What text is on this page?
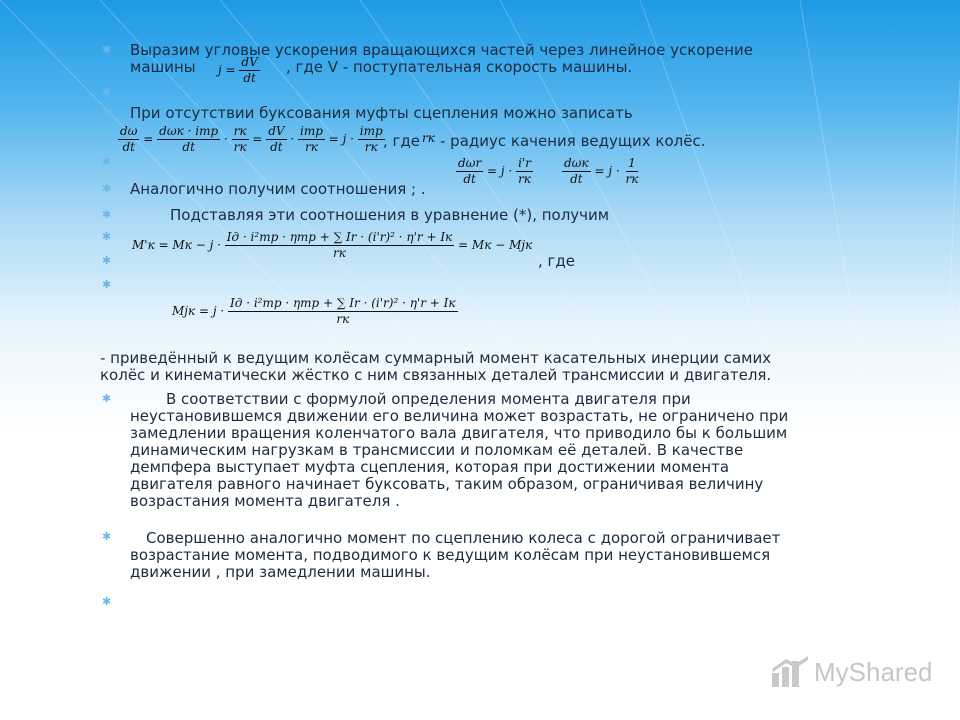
✱
✱
✱
✱
✱
✱
✱
✱
✱
✱
✱
✱
Выразим угловые ускорения вращающихся частей через линейное ускорение
машины $j = \frac{dV}{dt}$ , где V - поступательная скорость машины.
При отсутствии буксования муфты сцепления можно записать
$\frac{d\omega}{dt} = \frac{\text{dωк · iтр}}{dt} \cdot \frac{rк}{rк} = \frac{dV}{dt} \cdot \frac{\text{iтр}}{rк} = j \cdot \frac{\text{iтр}}{rк}$
, где rк - радиус качения ведущих колёс.
Аналогично получим соотношения ; .
$\frac{\text{dωr}}{dt} = j \cdot \frac{i'r}{rк} \frac{\text{dωк}}{dt} = j \cdot \frac{1}{rк}$
Подставляя эти соотношения в уравнение (*), получим
M'к = Mк − $j \cdot \frac{\text{Iд · i²тр · ηтр + ∑ Ir · (i'r)² · η'r + Iк}}{rк}$ = Mк − Mjк
, где
Mjк = $j \cdot \frac{\text{Iд · i²тр · ηтр + ∑ Ir · (i'r)² · η'r + Iк}}{rк}$
- приведённый к ведущим колёсам суммарный момент касательных инерции самих
колёс и кинематически жёстко с ним связанных деталей трансмиссии и двигателя.
В соответствии с формулой определения момента двигателя при
неустановившемся движении его величина может возрастать, не ограничено при
замедлении вращения коленчатого вала двигателя, что приводило бы к большим
динамическим нагрузкам в трансмиссии и поломкам её деталей. В качестве
демпфера выступает муфта сцепления, которая при достижении момента
двигателя равного начинает буксовать, таким образом, ограничивая величину
возрастания момента двигателя .
Совершенно аналогично момент по сцеплению колеса с дорогой ограничивает
возрастание момента, подводимого к ведущим колёсам при неустановившемся
движении , при замедлении машины.
MyShared
